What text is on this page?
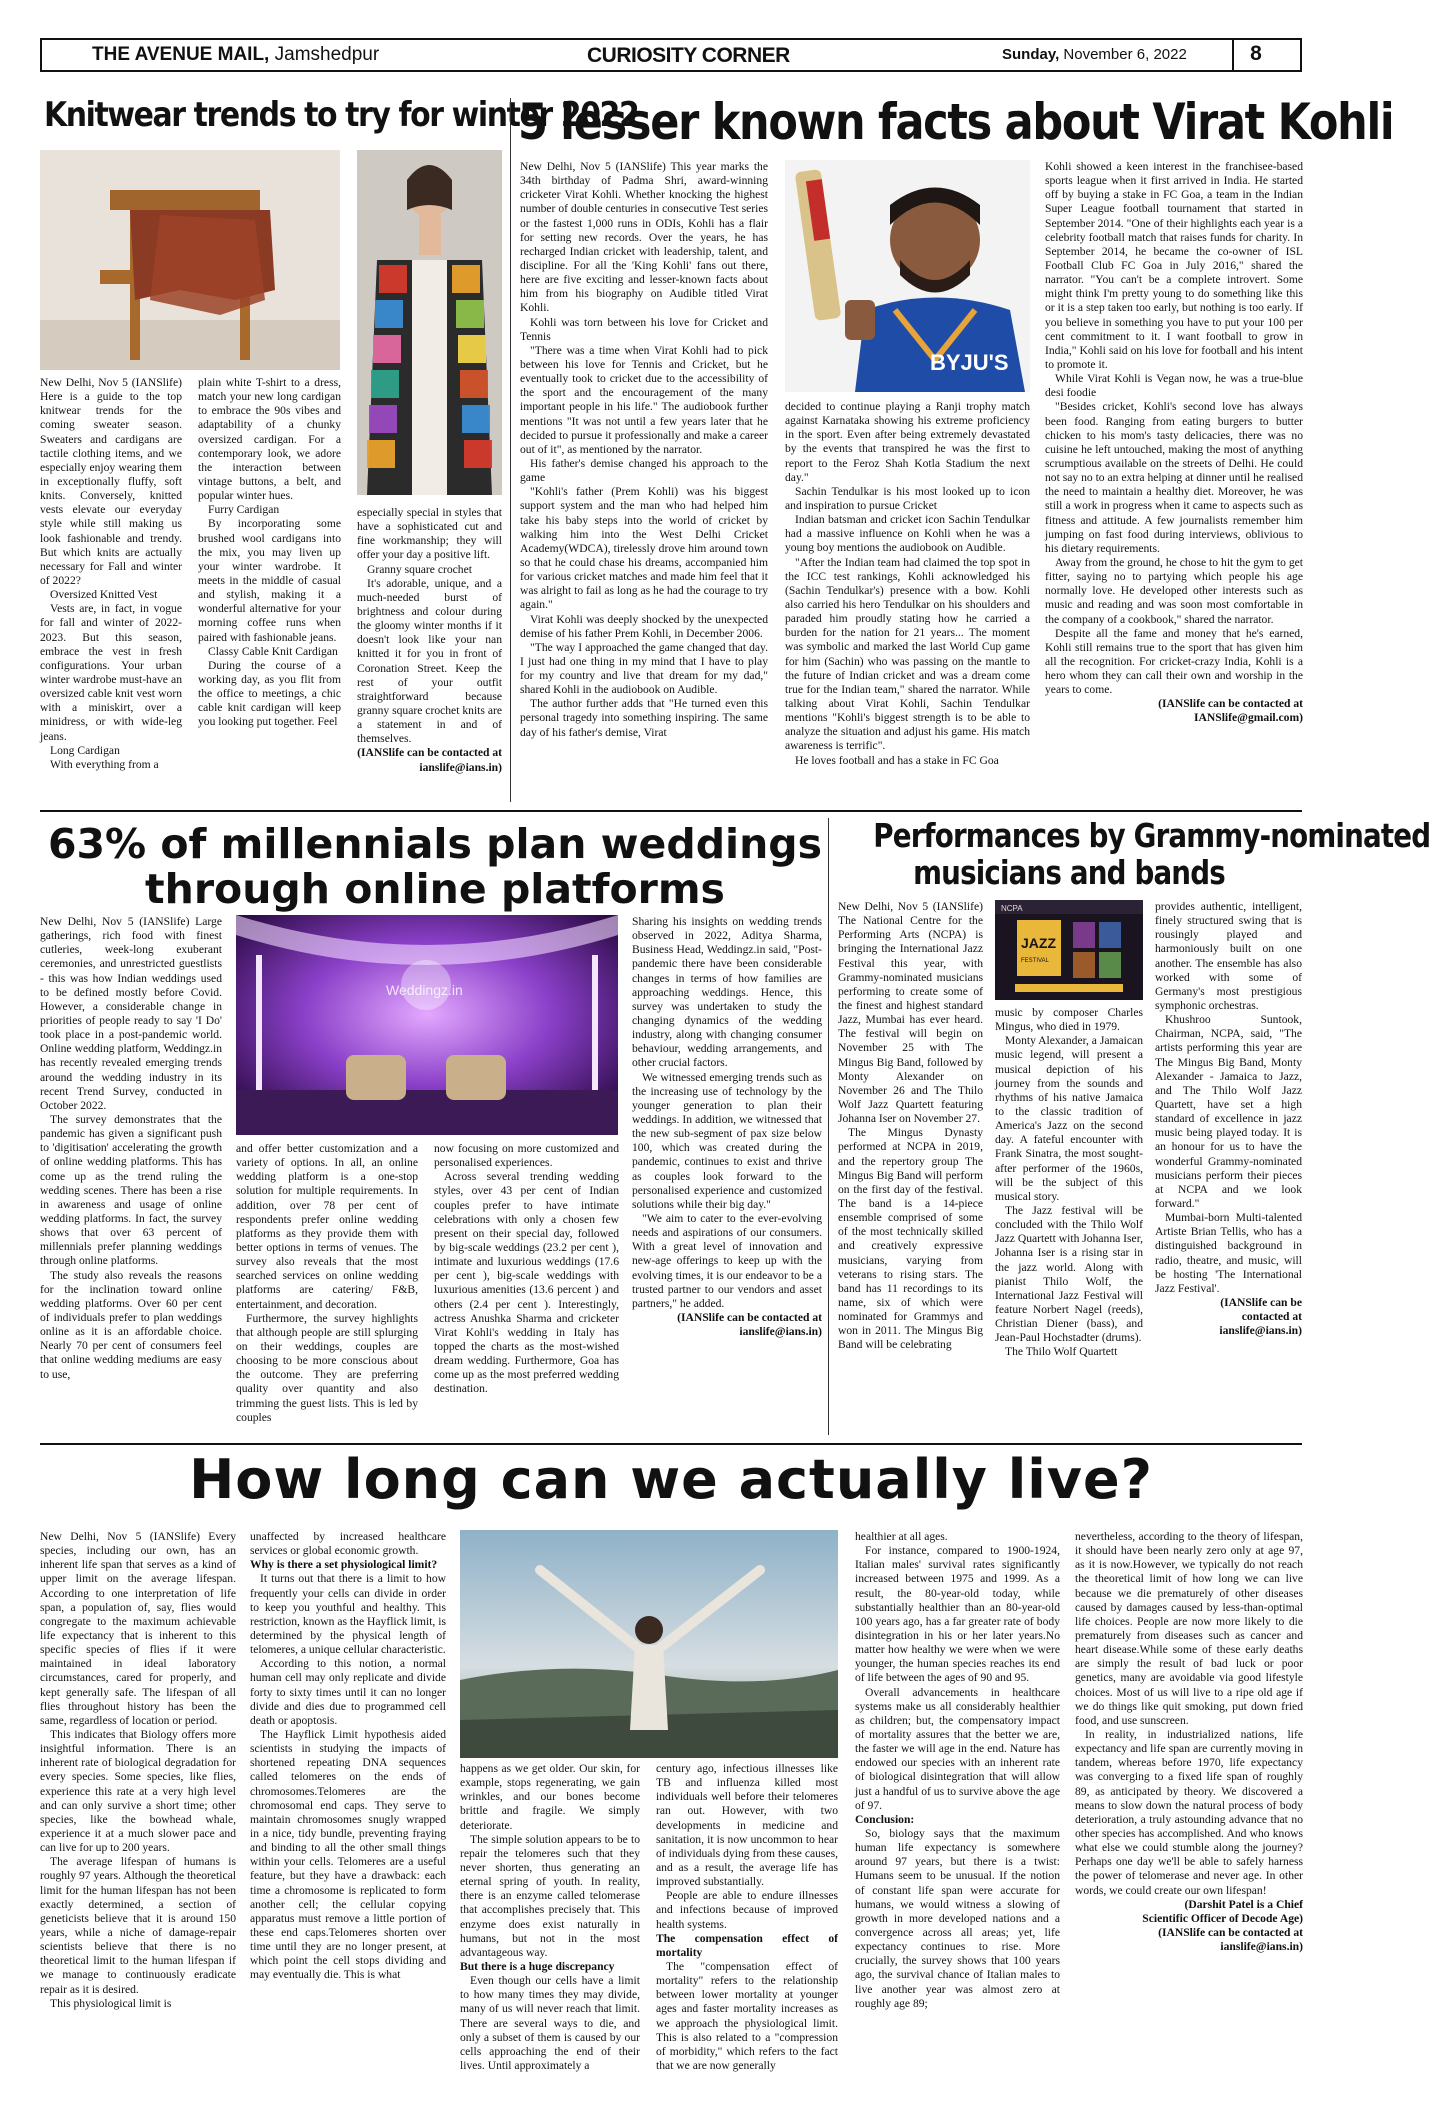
THE AVENUE MAIL, Jamshedpur	CURIOSITY CORNER	Sunday, November 6, 2022	8
Knitwear trends to try for winter 2022

New Delhi, Nov 5 (IANSlife) Here is a guide to the top knitwear trends for the coming sweater season. Sweaters and cardigans are tactile clothing items, and we especially enjoy wearing them in exceptionally fluffy, soft knits. Conversely, knitted vests elevate our everyday style while still making us look fashionable and trendy. But which knits are actually necessary for Fall and winter of 2022?

Oversized Knitted Vest

Vests are, in fact, in vogue for fall and winter of 2022-2023. But this season, embrace the vest in fresh configurations. Your urban winter wardrobe must-have an oversized cable knit vest worn with a miniskirt, over a minidress, or with wide-leg jeans.

Long Cardigan

With everything from a

plain white T-shirt to a dress, match your new long cardigan to embrace the 90s vibes and adaptability of a chunky oversized cardigan. For a contemporary look, we adore the interaction between vintage buttons, a belt, and popular winter hues.

Furry Cardigan

By incorporating some brushed wool cardigans into the mix, you may liven up your winter wardrobe. It meets in the middle of casual and stylish, making it a wonderful alternative for your morning coffee runs when paired with fashionable jeans.

Classy Cable Knit Cardigan

During the course of a working day, as you flit from the office to meetings, a chic cable knit cardigan will keep you looking put together. Feel

especially special in styles that have a sophisticated cut and fine workmanship; they will offer your day a positive lift.

Granny square crochet

It's adorable, unique, and a much-needed burst of brightness and colour during the gloomy winter months if it doesn't look like your nan knitted it for you in front of Coronation Street. Keep the rest of your outfit straightforward because granny square crochet knits are a statement in and of themselves.

(IANSlife can be contacted at

ianslife@ians.in)

5 lesser known facts about Virat Kohli

New Delhi, Nov 5 (IANSlife) This year marks the 34th birthday of Padma Shri, award-winning cricketer Virat Kohli. Whether knocking the highest number of double centuries in consecutive Test series or the fastest 1,000 runs in ODIs, Kohli has a flair for setting new records. Over the years, he has recharged Indian cricket with leadership, talent, and discipline. For all the 'King Kohli' fans out there, here are five exciting and lesser-known facts about him from his biography on Audible titled Virat Kohli.

Kohli was torn between his love for Cricket and Tennis

"There was a time when Virat Kohli had to pick between his love for Tennis and Cricket, but he eventually took to cricket due to the accessibility of the sport and the encouragement of the many important people in his life." The audiobook further mentions "It was not until a few years later that he decided to pursue it professionally and make a career out of it", as mentioned by the narrator.

His father's demise changed his approach to the game

"Kohli's father (Prem Kohli) was his biggest support system and the man who had helped him take his baby steps into the world of cricket by walking him into the West Delhi Cricket Academy(WDCA), tirelessly drove him around town so that he could chase his dreams, accompanied him for various cricket matches and made him feel that it was alright to fail as long as he had the courage to try again."

Virat Kohli was deeply shocked by the unexpected demise of his father Prem Kohli, in December 2006.

"The way I approached the game changed that day. I just had one thing in my mind that I have to play for my country and live that dream for my dad," shared Kohli in the audiobook on Audible.

The author further adds that "He turned even this personal tragedy into something inspiring. The same day of his father's demise, Virat

BYJU'S

decided to continue playing a Ranji trophy match against Karnataka showing his extreme proficiency in the sport. Even after being extremely devastated by the events that transpired he was the first to report to the Feroz Shah Kotla Stadium the next day."

Sachin Tendulkar is his most looked up to icon and inspiration to pursue Cricket

Indian batsman and cricket icon Sachin Tendulkar had a massive influence on Kohli when he was a young boy mentions the audiobook on Audible.

"After the Indian team had claimed the top spot in the ICC test rankings, Kohli acknowledged his (Sachin Tendulkar's) presence with a bow. Kohli also carried his hero Tendulkar on his shoulders and paraded him proudly stating how he carried a burden for the nation for 21 years... The moment was symbolic and marked the last World Cup game for him (Sachin) who was passing on the mantle to the future of Indian cricket and was a dream come true for the Indian team," shared the narrator. While talking about Virat Kohli, Sachin Tendulkar mentions "Kohli's biggest strength is to be able to analyze the situation and adjust his game. His match awareness is terrific".

He loves football and has a stake in FC Goa

Kohli showed a keen interest in the franchisee-based sports league when it first arrived in India. He started off by buying a stake in FC Goa, a team in the Indian Super League football tournament that started in September 2014. "One of their highlights each year is a celebrity football match that raises funds for charity. In September 2014, he became the co-owner of ISL Football Club FC Goa in July 2016," shared the narrator. "You can't be a complete introvert. Some might think I'm pretty young to do something like this or it is a step taken too early, but nothing is too early. If you believe in something you have to put your 100 per cent commitment to it. I want football to grow in India," Kohli said on his love for football and his intent to promote it.

While Virat Kohli is Vegan now, he was a true-blue desi foodie

"Besides cricket, Kohli's second love has always been food. Ranging from eating burgers to butter chicken to his mom's tasty delicacies, there was no cuisine he left untouched, making the most of anything scrumptious available on the streets of Delhi. He could not say no to an extra helping at dinner until he realised the need to maintain a healthy diet. Moreover, he was still a work in progress when it came to aspects such as fitness and attitude. A few journalists remember him jumping on fast food during interviews, oblivious to his dietary requirements.

Away from the ground, he chose to hit the gym to get fitter, saying no to partying which people his age normally love. He developed other interests such as music and reading and was soon most comfortable in the company of a cookbook," shared the narrator.

Despite all the fame and money that he's earned, Kohli still remains true to the sport that has given him all the recognition. For cricket-crazy India, Kohli is a hero whom they can call their own and worship in the years to come.

(IANSlife can be contacted at

IANSlife@gmail.com)

63% of millennials plan weddings
through online platforms

New Delhi, Nov 5 (IANSlife) Large gatherings, rich food with finest cutleries, week-long exuberant ceremonies, and unrestricted guestlists - this was how Indian weddings used to be defined mostly before Covid. However, a considerable change in priorities of people ready to say 'I Do' took place in a post-pandemic world. Online wedding platform, Weddingz.in has recently revealed emerging trends around the wedding industry in its recent Trend Survey, conducted in October 2022.

The survey demonstrates that the pandemic has given a significant push to 'digitisation' accelerating the growth of online wedding platforms. This has come up as the trend ruling the wedding scenes. There has been a rise in awareness and usage of online wedding platforms. In fact, the survey shows that over 63 percent of millennials prefer planning weddings through online platforms.

The study also reveals the reasons for the inclination toward online wedding platforms. Over 60 per cent of individuals prefer to plan weddings online as it is an affordable choice. Nearly 70 per cent of consumers feel that online wedding mediums are easy to use,

Weddingz.in

and offer better customization and a variety of options. In all, an online wedding platform is a one-stop solution for multiple requirements. In addition, over 78 per cent of respondents prefer online wedding platforms as they provide them with better options in terms of venues. The survey also reveals that the most searched services on online wedding platforms are catering/ F&B, entertainment, and decoration.

Furthermore, the survey highlights that although people are still splurging on their weddings, couples are choosing to be more conscious about the outcome. They are preferring quality over quantity and also trimming the guest lists. This is led by couples

now focusing on more customized and personalised experiences.

Across several trending wedding styles, over 43 per cent of Indian couples prefer to have intimate celebrations with only a chosen few present on their special day, followed by big-scale weddings (23.2 per cent ), intimate and luxurious weddings (17.6 per cent ), big-scale weddings with luxurious amenities (13.6 percent ) and others (2.4 per cent ). Interestingly, actress Anushka Sharma and cricketer Virat Kohli's wedding in Italy has topped the charts as the most-wished dream wedding. Furthermore, Goa has come up as the most preferred wedding destination.

Sharing his insights on wedding trends observed in 2022, Aditya Sharma, Business Head, Weddingz.in said, "Post-pandemic there have been considerable changes in terms of how families are approaching weddings. Hence, this survey was undertaken to study the changing dynamics of the wedding industry, along with changing consumer behaviour, wedding arrangements, and other crucial factors.

We witnessed emerging trends such as the increasing use of technology by the younger generation to plan their weddings. In addition, we witnessed that the new sub-segment of pax size below 100, which was created during the pandemic, continues to exist and thrive as couples look forward to the personalised experience and customized solutions while their big day."

"We aim to cater to the ever-evolving needs and aspirations of our consumers. With a great level of innovation and new-age offerings to keep up with the evolving times, it is our endeavor to be a trusted partner to our vendors and asset partners," he added.

(IANSlife can be contacted at

ianslife@ians.in)

Performances by Grammy-nominated
musicians and bands

New Delhi, Nov 5 (IANSlife) The National Centre for the Performing Arts (NCPA) is bringing the International Jazz Festival this year, with Grammy-nominated musicians performing to create some of the finest and highest standard Jazz, Mumbai has ever heard. The festival will begin on November 25 with The Mingus Big Band, followed by Monty Alexander on November 26 and The Thilo Wolf Jazz Quartett featuring Johanna Iser on November 27.

The Mingus Dynasty performed at NCPA in 2019, and the repertory group The Mingus Big Band will perform on the first day of the festival. The band is a 14-piece ensemble comprised of some of the most technically skilled and creatively expressive musicians, varying from veterans to rising stars. The band has 11 recordings to its name, six of which were nominated for Grammys and won in 2011. The Mingus Big Band will be celebrating

NCPA
JAZZ
FESTIVAL

music by composer Charles Mingus, who died in 1979.

Monty Alexander, a Jamaican music legend, will present a musical depiction of his journey from the sounds and rhythms of his native Jamaica to the classic tradition of America's Jazz on the second day. A fateful encounter with Frank Sinatra, the most sought-after performer of the 1960s, will be the subject of this musical story.

The Jazz festival will be concluded with the Thilo Wolf Jazz Quartett with Johanna Iser, Johanna Iser is a rising star in the jazz world. Along with pianist Thilo Wolf, the International Jazz Festival will feature Norbert Nagel (reeds), Christian Diener (bass), and Jean-Paul Hochstadter (drums).

The Thilo Wolf Quartett

provides authentic, intelligent, finely structured swing that is rousingly played and harmoniously built on one another. The ensemble has also worked with some of Germany's most prestigious symphonic orchestras.

Khushroo Suntook, Chairman, NCPA, said, "The artists performing this year are The Mingus Big Band, Monty Alexander - Jamaica to Jazz, and The Thilo Wolf Jazz Quartett, have set a high standard of excellence in jazz music being played today. It is an honour for us to have the wonderful Grammy-nominated musicians perform their pieces at NCPA and we look forward."

Mumbai-born Multi-talented Artiste Brian Tellis, who has a distinguished background in radio, theatre, and music, will be hosting 'The International Jazz Festival'.

(IANSlife can be

contacted at

ianslife@ians.in)

How long can we actually live?

New Delhi, Nov 5 (IANSlife) Every species, including our own, has an inherent life span that serves as a kind of upper limit on the average lifespan. According to one interpretation of life span, a population of, say, flies would congregate to the maximum achievable life expectancy that is inherent to this specific species of flies if it were maintained in ideal laboratory circumstances, cared for properly, and kept generally safe. The lifespan of all flies throughout history has been the same, regardless of location or period.

This indicates that Biology offers more insightful information. There is an inherent rate of biological degradation for every species. Some species, like flies, experience this rate at a very high level and can only survive a short time; other species, like the bowhead whale, experience it at a much slower pace and can live for up to 200 years.

The average lifespan of humans is roughly 97 years. Although the theoretical limit for the human lifespan has not been exactly determined, a section of geneticists believe that it is around 150 years, while a niche of damage-repair scientists believe that there is no theoretical limit to the human lifespan if we manage to continuously eradicate repair as it is desired.

This physiological limit is

unaffected by increased healthcare services or global economic growth.

Why is there a set physiological limit?

It turns out that there is a limit to how frequently your cells can divide in order to keep you youthful and healthy. This restriction, known as the Hayflick limit, is determined by the physical length of telomeres, a unique cellular characteristic.

According to this notion, a normal human cell may only replicate and divide forty to sixty times until it can no longer divide and dies due to programmed cell death or apoptosis.

The Hayflick Limit hypothesis aided scientists in studying the impacts of shortened repeating DNA sequences called telomeres on the ends of chromosomes.Telomeres are the chromosomal end caps. They serve to maintain chromosomes snugly wrapped in a nice, tidy bundle, preventing fraying and binding to all the other small things within your cells. Telomeres are a useful feature, but they have a drawback: each time a chromosome is replicated to form another cell; the cellular copying apparatus must remove a little portion of these end caps.Telomeres shorten over time until they are no longer present, at which point the cell stops dividing and may eventually die. This is what

happens as we get older. Our skin, for example, stops regenerating, we gain wrinkles, and our bones become brittle and fragile. We simply deteriorate.

The simple solution appears to be to repair the telomeres such that they never shorten, thus generating an eternal spring of youth. In reality, there is an enzyme called telomerase that accomplishes precisely that. This enzyme does exist naturally in humans, but not in the most advantageous way.

But there is a huge discrepancy

Even though our cells have a limit to how many times they may divide, many of us will never reach that limit. There are several ways to die, and only a subset of them is caused by our cells approaching the end of their lives. Until approximately a

century ago, infectious illnesses like TB and influenza killed most individuals well before their telomeres ran out. However, with two developments in medicine and sanitation, it is now uncommon to hear of individuals dying from these causes, and as a result, the average life has improved substantially.

People are able to endure illnesses and infections because of improved health systems.

The compensation effect of mortality

The "compensation effect of mortality" refers to the relationship between lower mortality at younger ages and faster mortality increases as we approach the physiological limit. This is also related to a "compression of morbidity," which refers to the fact that we are now generally

healthier at all ages.

For instance, compared to 1900-1924, Italian males' survival rates significantly increased between 1975 and 1999. As a result, the 80-year-old today, while substantially healthier than an 80-year-old 100 years ago, has a far greater rate of body disintegration in his or her later years.No matter how healthy we were when we were younger, the human species reaches its end of life between the ages of 90 and 95.

Overall advancements in healthcare systems make us all considerably healthier as children; but, the compensatory impact of mortality assures that the better we are, the faster we will age in the end. Nature has endowed our species with an inherent rate of biological disintegration that will allow just a handful of us to survive above the age of 97.

Conclusion:

So, biology says that the maximum human life expectancy is somewhere around 97 years, but there is a twist: Humans seem to be unusual. If the notion of constant life span were accurate for humans, we would witness a slowing of growth in more developed nations and a convergence across all areas; yet, life expectancy continues to rise. More crucially, the survey shows that 100 years ago, the survival chance of Italian males to live another year was almost zero at roughly age 89;

nevertheless, according to the theory of lifespan, it should have been nearly zero only at age 97, as it is now.However, we typically do not reach the theoretical limit of how long we can live because we die prematurely of other diseases caused by damages caused by less-than-optimal life choices. People are now more likely to die prematurely from diseases such as cancer and heart disease.While some of these early deaths are simply the result of bad luck or poor genetics, many are avoidable via good lifestyle choices. Most of us will live to a ripe old age if we do things like quit smoking, put down fried food, and use sunscreen.

In reality, in industrialized nations, life expectancy and life span are currently moving in tandem, whereas before 1970, life expectancy was converging to a fixed life span of roughly 89, as anticipated by theory. We discovered a means to slow down the natural process of body deterioration, a truly astounding advance that no other species has accomplished. And who knows what else we could stumble along the journey? Perhaps one day we'll be able to safely harness the power of telomerase and never age. In other words, we could create our own lifespan!

(Darshit Patel is a Chief

Scientific Officer of Decode Age)

(IANSlife can be contacted at

ianslife@ians.in)
